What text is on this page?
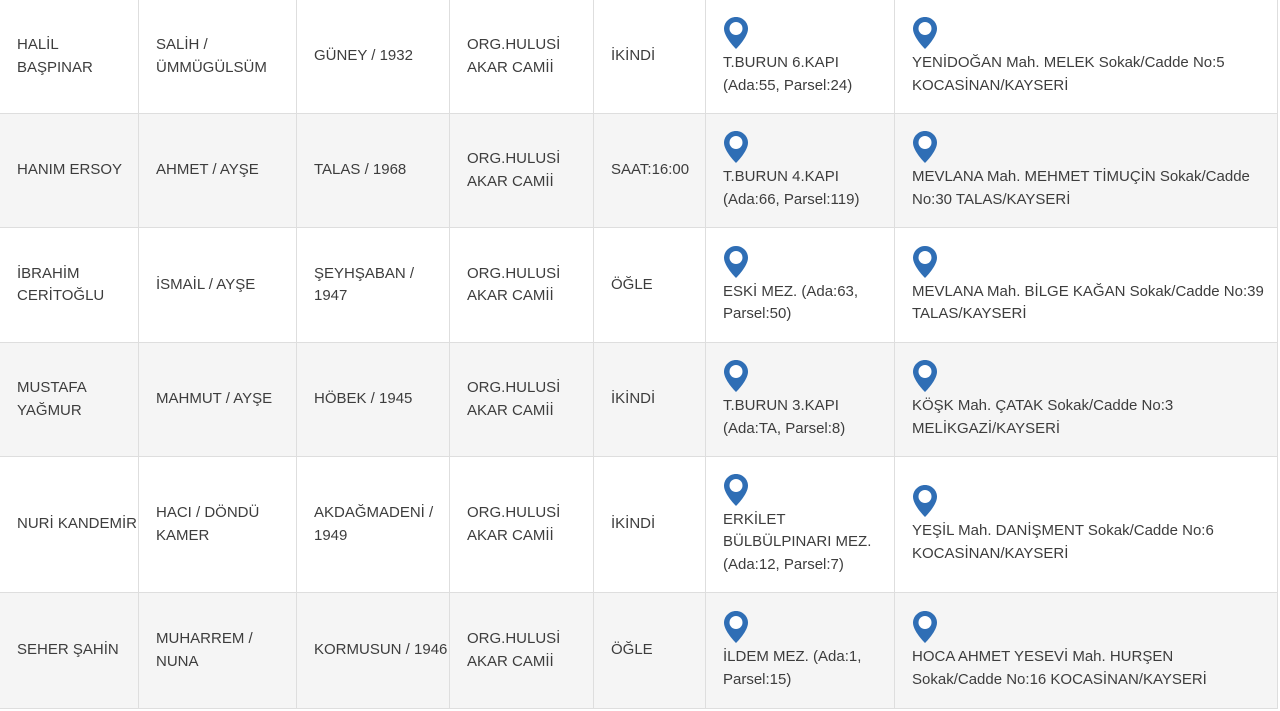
HALİL BAŞPINAR	SALİH / ÜMMÜGÜLSÜM	GÜNEY / 1932	ORG.HULUSİ AKAR CAMİİ	İKİNDİ	T.BURUN 6.KAPI (Ada:55, Parsel:24)	YENİDOĞAN Mah. MELEK Sokak/Cadde No:5 KOCASİNAN/KAYSERİ
HANIM ERSOY	AHMET / AYŞE	TALAS / 1968	ORG.HULUSİ AKAR CAMİİ	SAAT:16:00	T.BURUN 4.KAPI (Ada:66, Parsel:119)	MEVLANA Mah. MEHMET TİMUÇİN Sokak/Cadde No:30 TALAS/KAYSERİ
İBRAHİM CERİTOĞLU	İSMAİL / AYŞE	ŞEYHŞABAN / 1947	ORG.HULUSİ AKAR CAMİİ	ÖĞLE	ESKİ MEZ. (Ada:63, Parsel:50)	MEVLANA Mah. BİLGE KAĞAN Sokak/Cadde No:39 TALAS/KAYSERİ
MUSTAFA YAĞMUR	MAHMUT / AYŞE	HÖBEK / 1945	ORG.HULUSİ AKAR CAMİİ	İKİNDİ	T.BURUN 3.KAPI (Ada:TA, Parsel:8)	KÖŞK Mah. ÇATAK Sokak/Cadde No:3 MELİKGAZİ/KAYSERİ
NURİ KANDEMİR	HACI / DÖNDÜ KAMER	AKDAĞMADENİ / 1949	ORG.HULUSİ AKAR CAMİİ	İKİNDİ	ERKİLET BÜLBÜLPINARI MEZ. (Ada:12, Parsel:7)	YEŞİL Mah. DANİŞMENT Sokak/Cadde No:6 KOCASİNAN/KAYSERİ
SEHER ŞAHİN	MUHARREM / NUNA	KORMUSUN / 1946	ORG.HULUSİ AKAR CAMİİ	ÖĞLE	İLDEM MEZ. (Ada:1, Parsel:15)	HOCA AHMET YESEVİ Mah. HURŞEN Sokak/Cadde No:16 KOCASİNAN/KAYSERİ
